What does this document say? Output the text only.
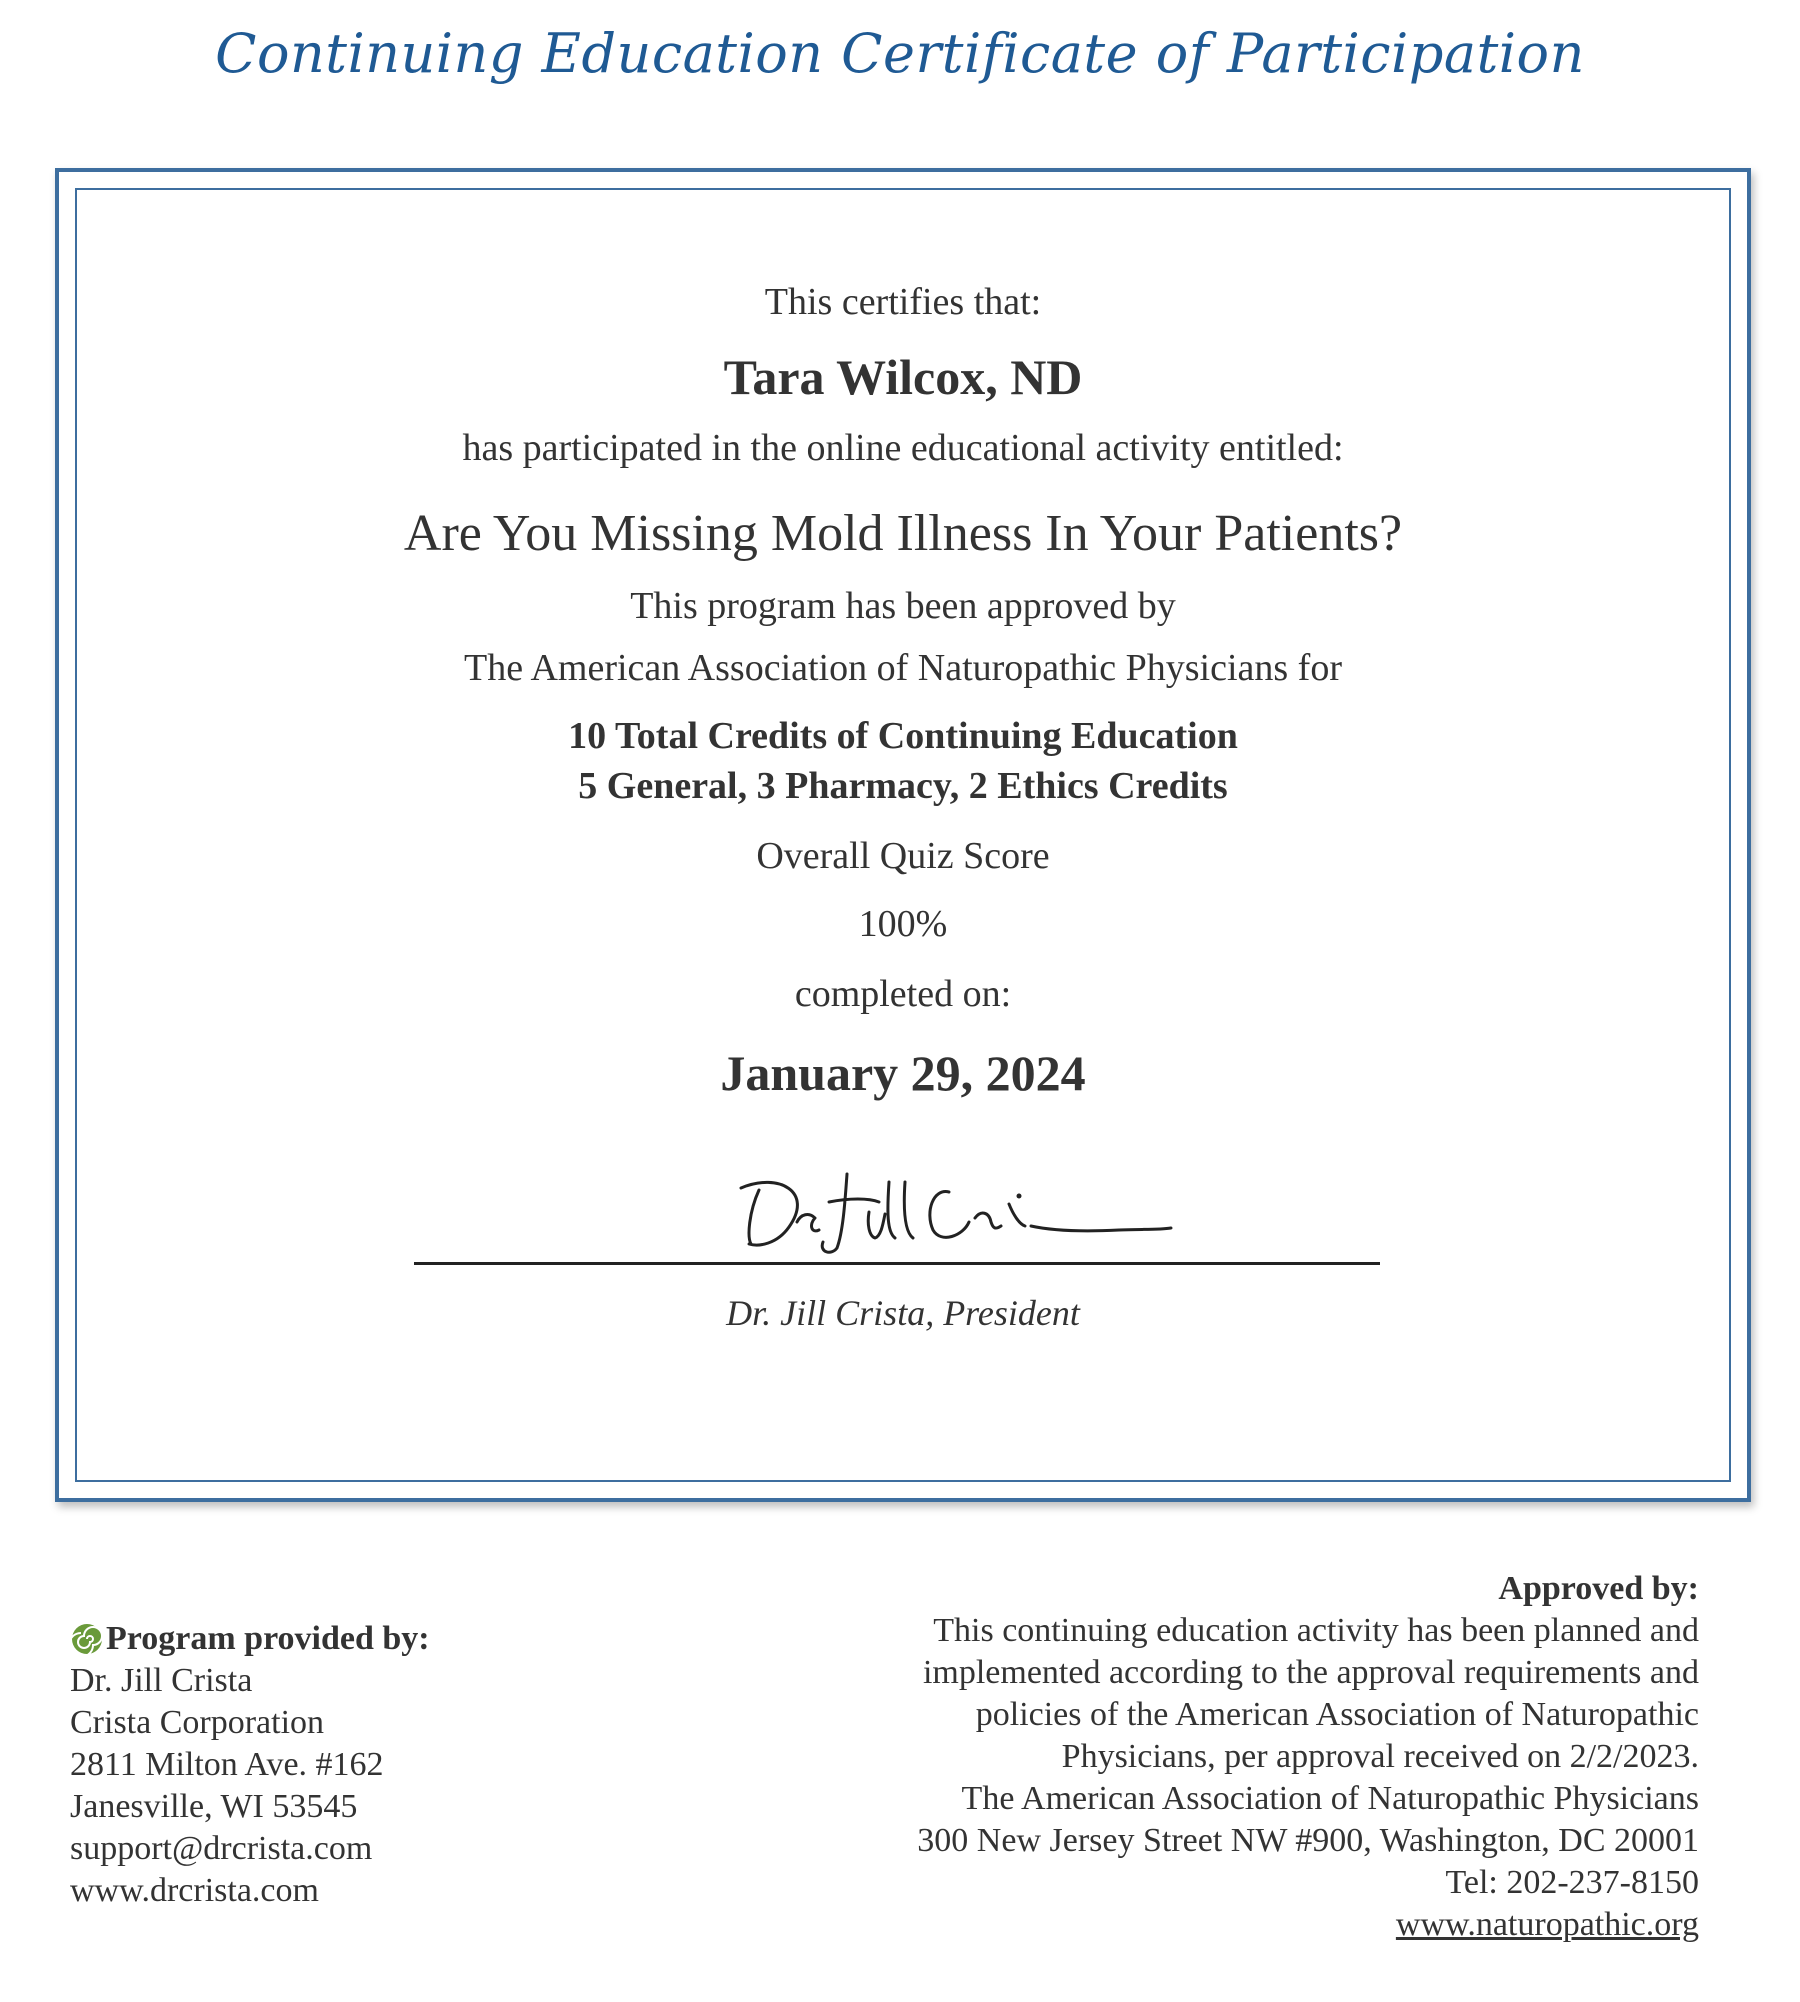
Continuing Education Certificate of Participation
This certifies that:
Tara Wilcox, ND
has participated in the online educational activity entitled:
Are You Missing Mold Illness In Your Patients?
This program has been approved by
The American Association of Naturopathic Physicians for
10 Total Credits of Continuing Education
5 General, 3 Pharmacy, 2 Ethics Credits
Overall Quiz Score
100%
completed on:
January 29, 2024
Dr. Jill Crista, President
Program provided by:
Dr. Jill Crista
Crista Corporation
2811 Milton Ave. #162
Janesville, WI 53545
support@drcrista.com
www.drcrista.com
Approved by:
This continuing education activity has been planned and
implemented according to the approval requirements and
policies of the American Association of Naturopathic
Physicians, per approval received on 2/2/2023.
The American Association of Naturopathic Physicians
300 New Jersey Street NW #900, Washington, DC 20001
Tel: 202-237-8150
www.naturopathic.org
